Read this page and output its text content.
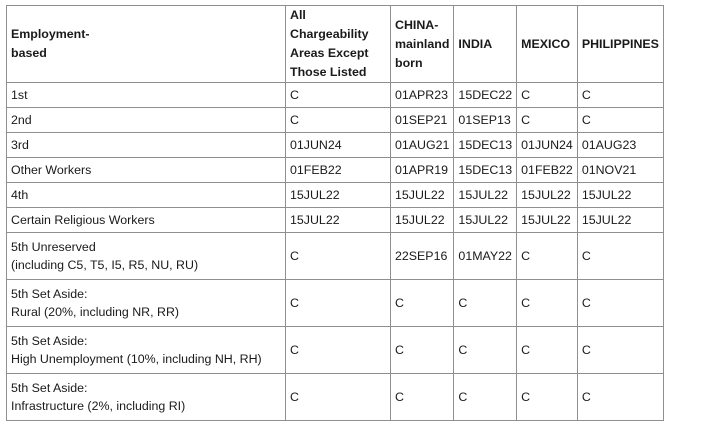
Employment-
based	All Chargeability
Areas Except
Those Listed	CHINA-
mainland
born	INDIA	MEXICO	PHILIPPINES
1st	C	01APR23	15DEC22	C	C
2nd	C	01SEP21	01SEP13	C	C
3rd	01JUN24	01AUG21	15DEC13	01JUN24	01AUG23
Other Workers	01FEB22	01APR19	15DEC13	01FEB22	01NOV21
4th	15JUL22	15JUL22	15JUL22	15JUL22	15JUL22
Certain Religious Workers	15JUL22	15JUL22	15JUL22	15JUL22	15JUL22
5th Unreserved
(including C5, T5, I5, R5, NU, RU)	C	22SEP16	01MAY22	C	C
5th Set Aside:
Rural (20%, including NR, RR)	C	C	C	C	C
5th Set Aside:
High Unemployment (10%, including NH, RH)	C	C	C	C	C
5th Set Aside:
Infrastructure (2%, including RI)	C	C	C	C	C
